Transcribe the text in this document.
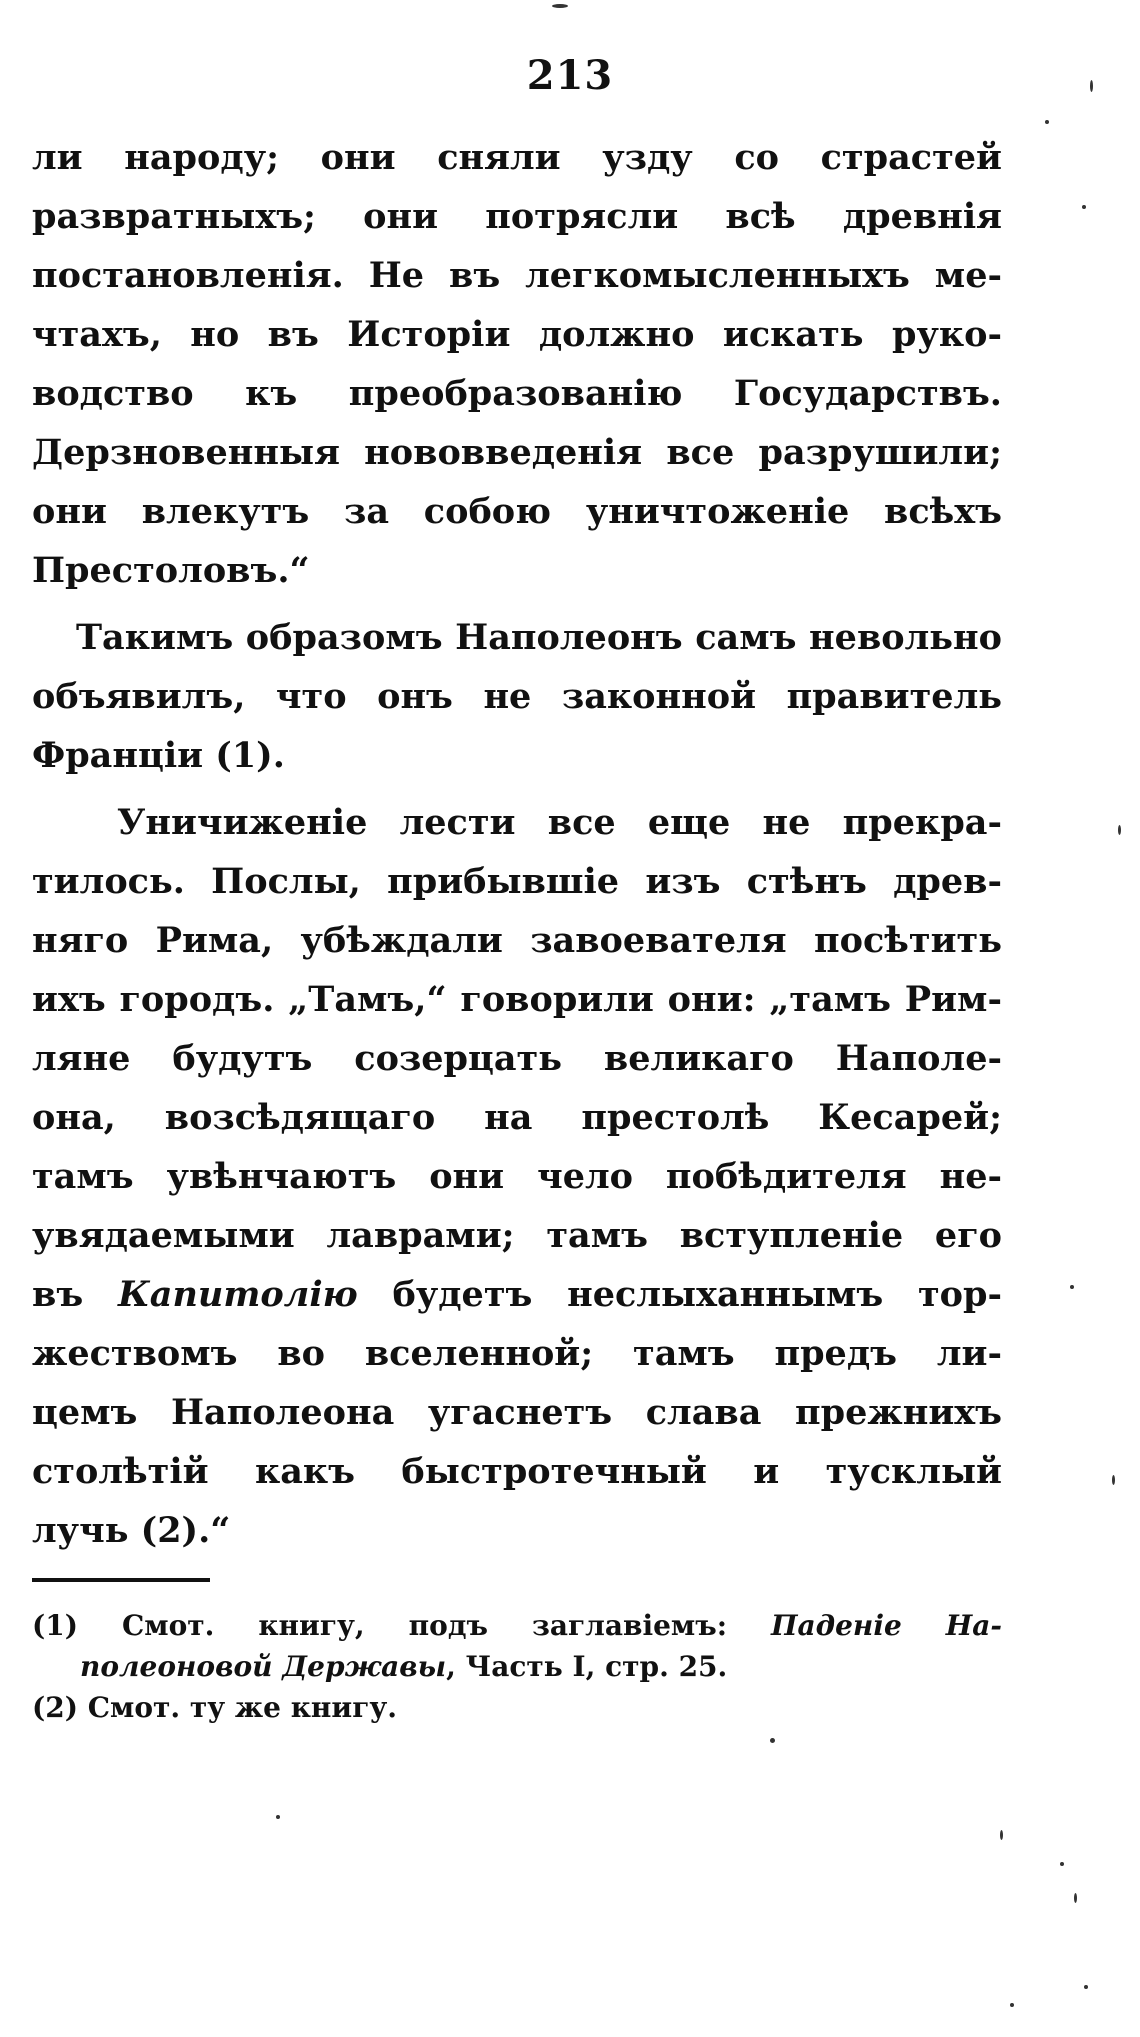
213
ли народу; они сняли узду со страстей
развратныхъ; они потрясли всѣ древнія
постановленія. Не въ легкомысленныхъ ме-
чтахъ, но въ Исторіи должно искать руко-
водство къ преобразованію Государствъ.
Дерзновенныя нововведенія все разрушили;
они влекутъ за собою уничтоженіе всѣхъ
Престоловъ.“
Такимъ образомъ Наполеонъ самъ невольно
объявилъ, что онъ не законной правитель
Франціи (1).
Уничиженіе лести все еще не прекра-
тилось. Послы, прибывшіе изъ стѣнъ древ-
няго Рима, убѣждали завоевателя посѣтить
ихъ городъ. „Тамъ,“ говорили они: „тамъ Рим-
ляне будутъ созерцать великаго Наполе-
она, возсѣдящаго на престолѣ Кесарей;
тамъ увѣнчаютъ они чело побѣдителя не-
увядаемыми лаврами; тамъ вступленіе его
въ Капитолію будетъ неслыханнымъ тор-
жествомъ во вселенной; тамъ предъ ли-
цемъ Наполеона угаснетъ слава прежнихъ
столѣтій какъ быстротечный и тусклый
лучь (2).“
(1) Смот. книгу, подъ заглавіемъ: Паденіе На-
полеоновой Державы, Часть I, стр. 25.
(2) Смот. ту же книгу.
